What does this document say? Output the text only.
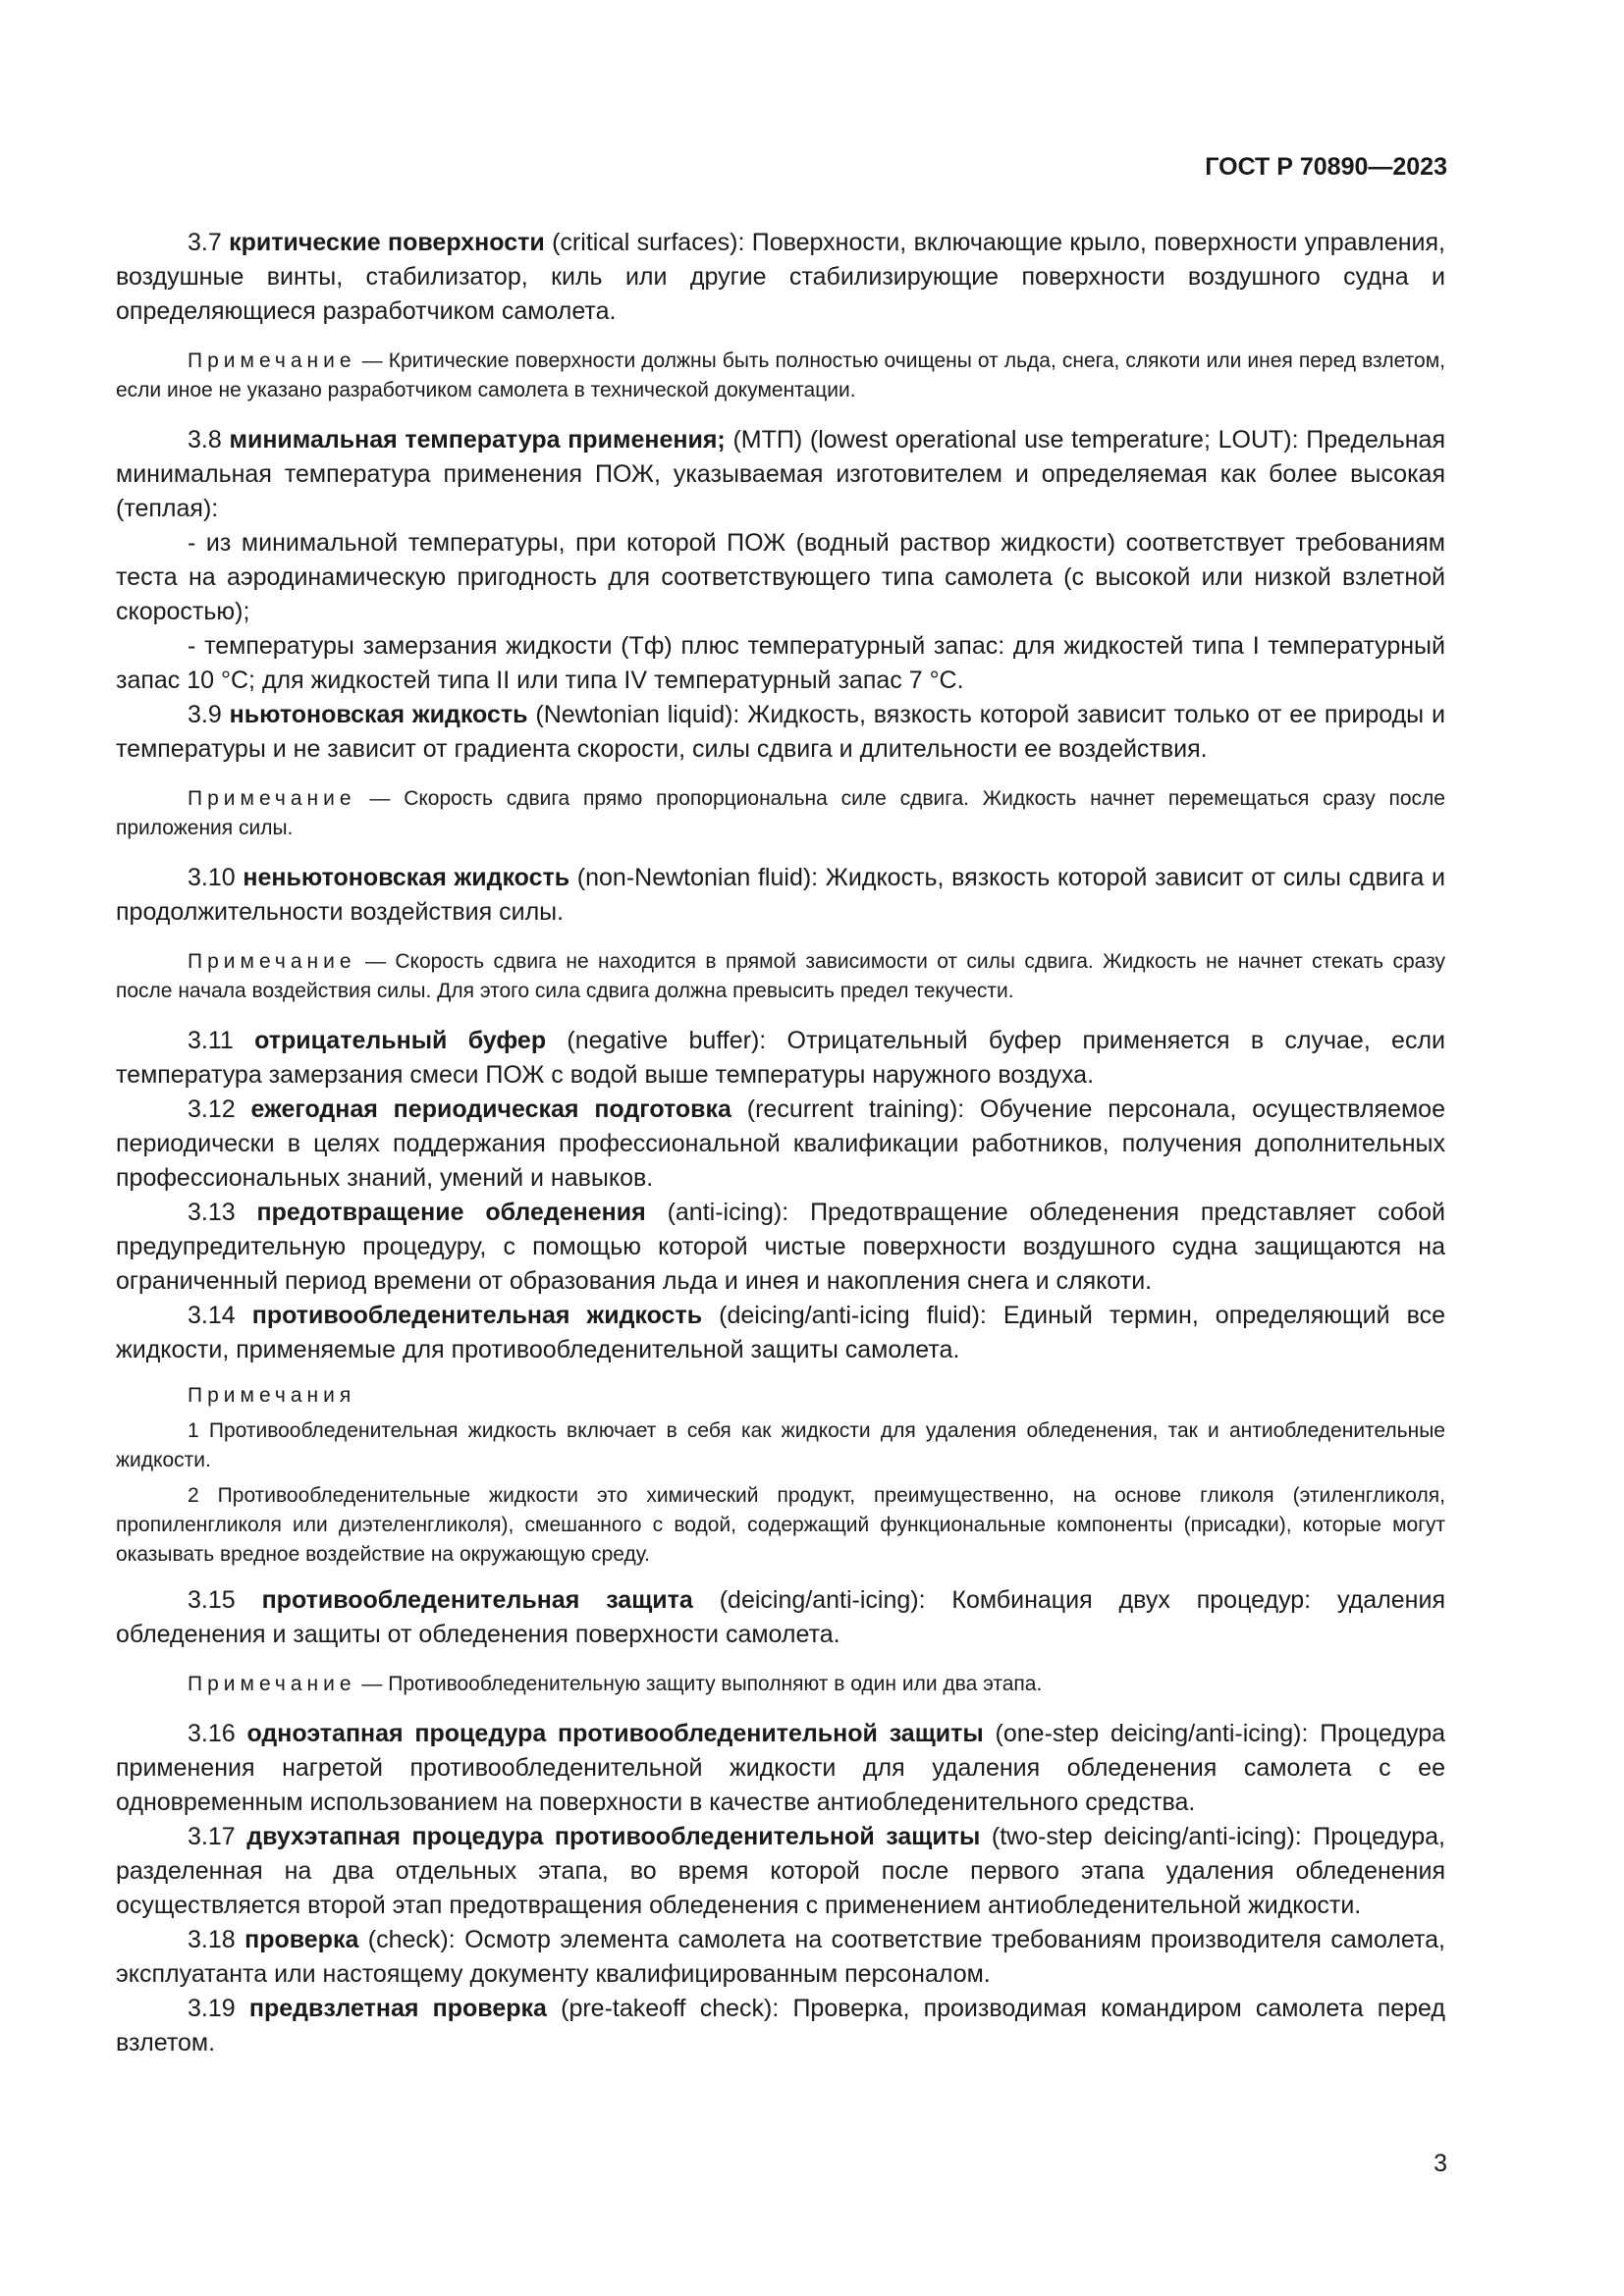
ГОСТ Р 70890—2023

3.7 критические поверхности (critical surfaces): Поверхности, включающие крыло, поверхности управления, воздушные винты, стабилизатор, киль или другие стабилизирующие поверхности воздушного судна и определяющиеся разработчиком самолета.

Примечание — Критические поверхности должны быть полностью очищены от льда, снега, слякоти или инея перед взлетом, если иное не указано разработчиком самолета в технической документации.

3.8 минимальная температура применения; (МТП) (lowest operational use temperature; LOUT): Предельная минимальная температура применения ПОЖ, указываемая изготовителем и определяемая как более высокая (теплая):

- из минимальной температуры, при которой ПОЖ (водный раствор жидкости) соответствует требованиям теста на аэродинамическую пригодность для соответствующего типа самолета (с высокой или низкой взлетной скоростью);

- температуры замерзания жидкости (Тф) плюс температурный запас: для жидкостей типа I температурный запас 10 °С; для жидкостей типа II или типа IV температурный запас 7 °С.

3.9 ньютоновская жидкость (Newtonian liquid): Жидкость, вязкость которой зависит только от ее природы и температуры и не зависит от градиента скорости, силы сдвига и длительности ее воздействия.

Примечание — Скорость сдвига прямо пропорциональна силе сдвига. Жидкость начнет перемещаться сразу после приложения силы.

3.10 неньютоновская жидкость (non-Newtonian fluid): Жидкость, вязкость которой зависит от силы сдвига и продолжительности воздействия силы.

Примечание — Скорость сдвига не находится в прямой зависимости от силы сдвига. Жидкость не начнет стекать сразу после начала воздействия силы. Для этого сила сдвига должна превысить предел текучести.

3.11 отрицательный буфер (negative buffer): Отрицательный буфер применяется в случае, если температура замерзания смеси ПОЖ с водой выше температуры наружного воздуха.

3.12 ежегодная периодическая подготовка (recurrent training): Обучение персонала, осуществляемое периодически в целях поддержания профессиональной квалификации работников, получения дополнительных профессиональных знаний, умений и навыков.

3.13 предотвращение обледенения (anti-icing): Предотвращение обледенения представляет собой предупредительную процедуру, с помощью которой чистые поверхности воздушного судна защищаются на ограниченный период времени от образования льда и инея и накопления снега и слякоти.

3.14 противообледенительная жидкость (deicing/anti-icing fluid): Единый термин, определяющий все жидкости, применяемые для противообледенительной защиты самолета.

Примечания

1 Противообледенительная жидкость включает в себя как жидкости для удаления обледенения, так и антиобледенительные жидкости.

2 Противообледенительные жидкости это химический продукт, преимущественно, на основе гликоля (этиленгликоля, пропиленгликоля или диэтеленгликоля), смешанного с водой, содержащий функциональные компоненты (присадки), которые могут оказывать вредное воздействие на окружающую среду.

3.15 противообледенительная защита (deicing/anti-icing): Комбинация двух процедур: удаления обледенения и защиты от обледенения поверхности самолета.

Примечание — Противообледенительную защиту выполняют в один или два этапа.

3.16 одноэтапная процедура противообледенительной защиты (one-step deicing/anti-icing): Процедура применения нагретой противообледенительной жидкости для удаления обледенения самолета с ее одновременным использованием на поверхности в качестве антиобледенительного средства.

3.17 двухэтапная процедура противообледенительной защиты (two-step deicing/anti-icing): Процедура, разделенная на два отдельных этапа, во время которой после первого этапа удаления обледенения осуществляется второй этап предотвращения обледенения с применением антиобледенительной жидкости.

3.18 проверка (check): Осмотр элемента самолета на соответствие требованиям производителя самолета, эксплуатанта или настоящему документу квалифицированным персоналом.

3.19 предвзлетная проверка (pre-takeoff check): Проверка, производимая командиром самолета перед взлетом.

3
